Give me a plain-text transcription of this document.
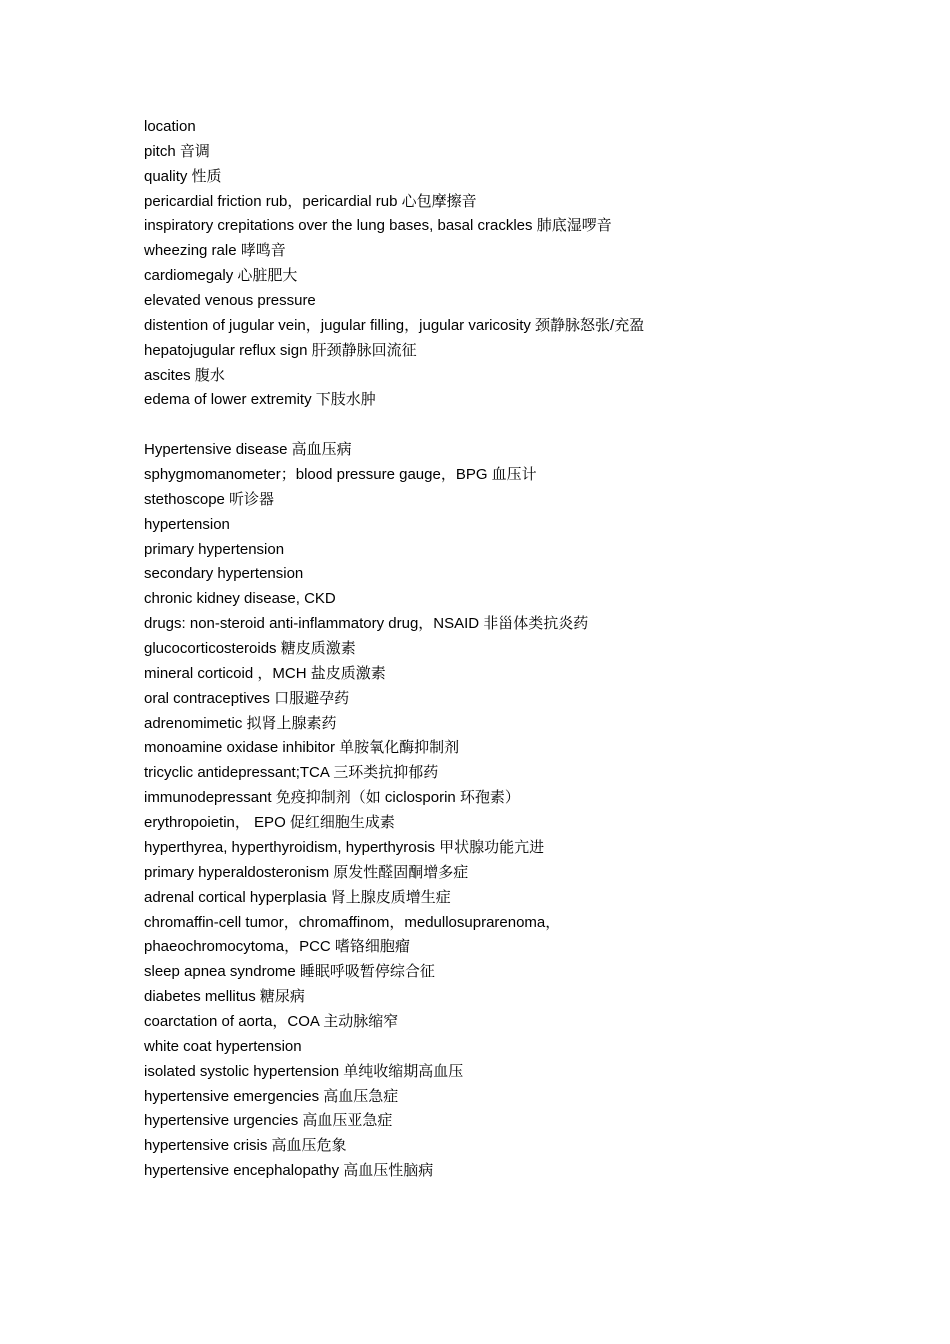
location
pitch 音调
quality 性质
pericardial friction rub，pericardial rub 心包摩擦音
inspiratory crepitations over the lung bases, basal crackles 肺底湿啰音
wheezing rale 哮鸣音
cardiomegaly 心脏肥大
elevated venous pressure
distention of jugular vein，jugular filling，jugular varicosity 颈静脉怒张/充盈
hepatojugular reflux sign 肝颈静脉回流征
ascites 腹水
edema of lower extremity 下肢水肿
Hypertensive disease 高血压病
sphygmomanometer；blood pressure gauge，BPG 血压计
stethoscope 听诊器
hypertension
primary hypertension
secondary hypertension
chronic kidney disease, CKD
drugs: non-steroid anti-inflammatory drug，NSAID 非甾体类抗炎药
glucocorticosteroids 糖皮质激素
mineral corticoid ，MCH 盐皮质激素
oral contraceptives 口服避孕药
adrenomimetic 拟肾上腺素药
monoamine oxidase inhibitor 单胺氧化酶抑制剂
tricyclic antidepressant;TCA 三环类抗抑郁药
immunodepressant 免疫抑制剂（如 ciclosporin 环孢素）
erythropoietin， EPO 促红细胞生成素
hyperthyrea, hyperthyroidism, hyperthyrosis 甲状腺功能亢进
primary hyperaldosteronism 原发性醛固酮增多症
adrenal cortical hyperplasia 肾上腺皮质增生症
chromaffin-cell tumor，chromaffinom，medullosuprarenoma，
phaeochromocytoma，PCC 嗜铬细胞瘤
sleep apnea syndrome 睡眠呼吸暂停综合征
diabetes mellitus 糖尿病
coarctation of aorta，COA 主动脉缩窄
white coat hypertension
isolated systolic hypertension 单纯收缩期高血压
hypertensive emergencies 高血压急症
hypertensive urgencies 高血压亚急症
hypertensive crisis 高血压危象
hypertensive encephalopathy 高血压性脑病
